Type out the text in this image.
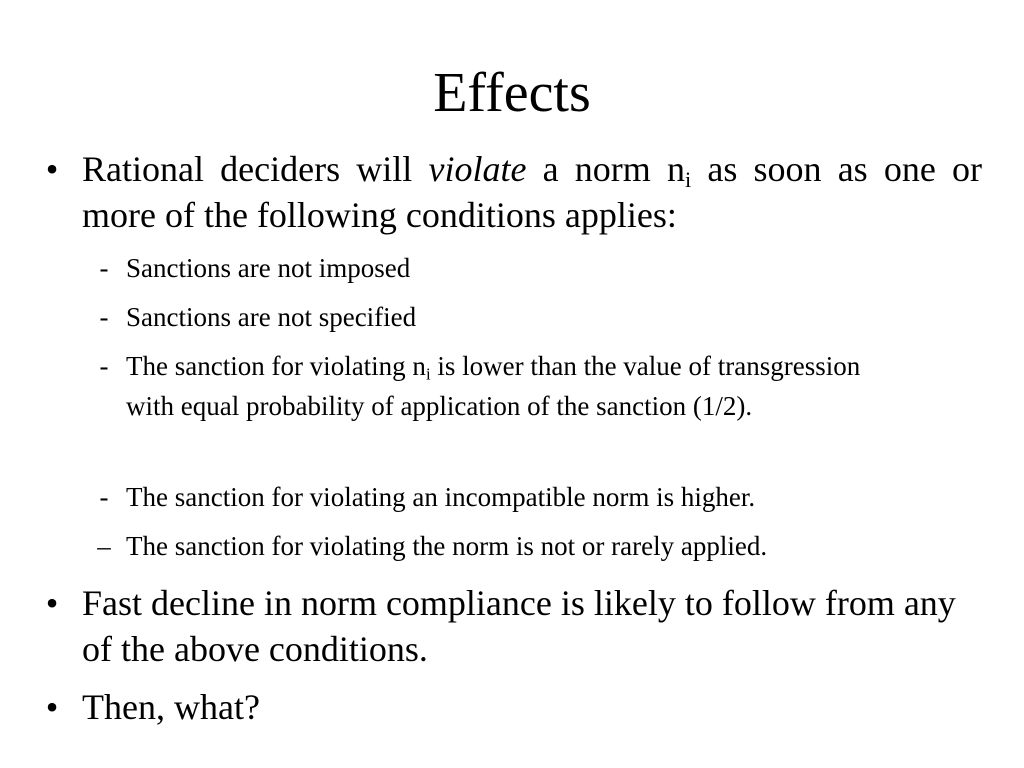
Effects

• Rational deciders will violate a norm $n_i$ as soon as one or more of the following conditions applies:

- Sanctions are not imposed

- Sanctions are not specified

- The sanction for violating $n_i$ is lower than the value of transgression with equal probability of application of the sanction (1/2).

- The sanction for violating an incompatible norm is higher.

– The sanction for violating the norm is not or rarely applied.

• Fast decline in norm compliance is likely to follow from any of the above conditions.

• Then, what?
